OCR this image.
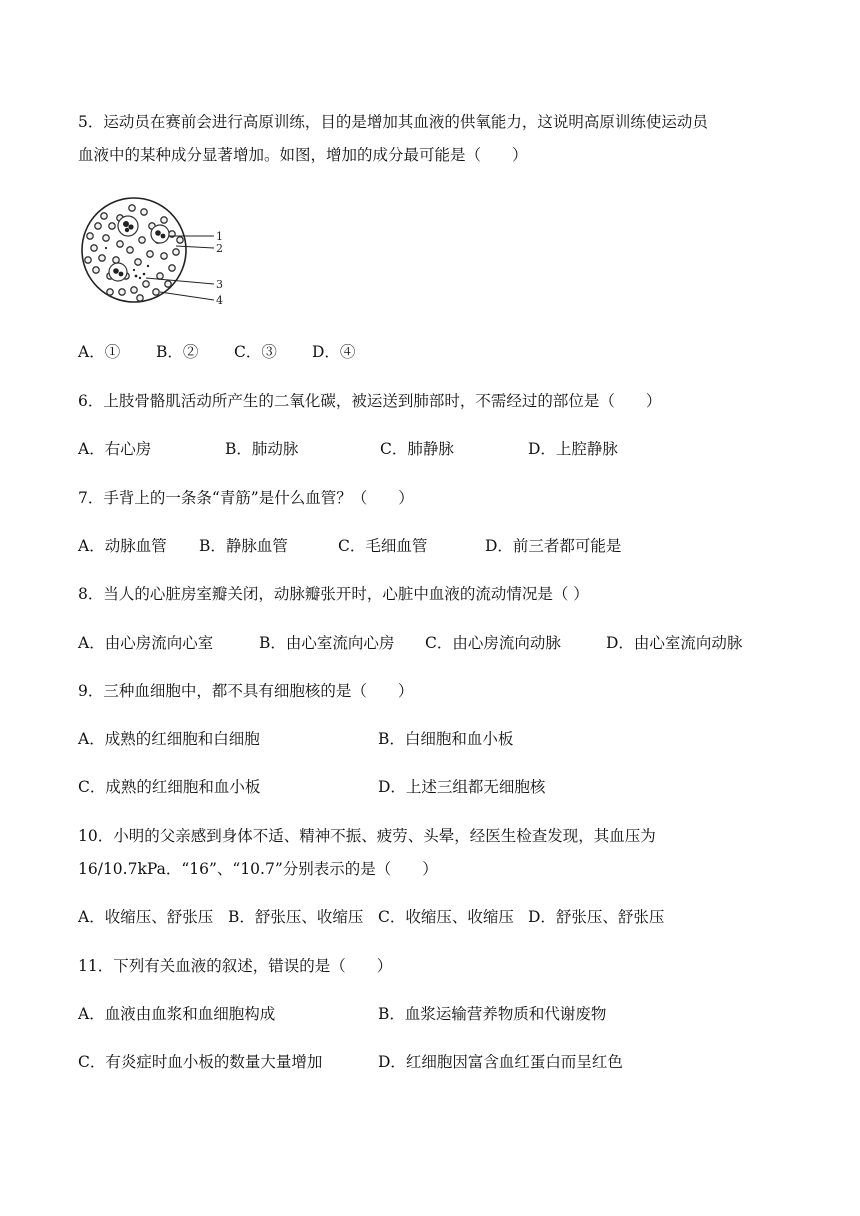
5．运动员在赛前会进行高原训练，目的是增加其血液的供氧能力，这说明高原训练使运动员
血液中的某种成分显著增加。如图，增加的成分最可能是（　　）
1
2
3
4
A．① B．② C．③ D．④
6．上肢骨骼肌活动所产生的二氧化碳，被运送到肺部时，不需经过的部位是（　　）
A．右心房	B．肺动脉	C．肺静脉	D．上腔静脉
7．手背上的一条条“青筋”是什么血管？（　　）
A．动脉血管 B．静脉血管	C．毛细血管	D．前三者都可能是
8．当人的心脏房室瓣关闭，动脉瓣张开时，心脏中血液的流动情况是（ ）
A．由心房流向心室	B．由心室流向心房 C．由心房流向动脉	D．由心室流向动脉
9．三种血细胞中，都不具有细胞核的是（　　）
A．成熟的红细胞和白细胞	B．白细胞和血小板
C．成熟的红细胞和血小板	D．上述三组都无细胞核
10．小明的父亲感到身体不适、精神不振、疲劳、头晕，经医生检查发现，其血压为
16/10.7kPa．“16”、“10.7”分别表示的是（　　）
A．收缩压、舒张压 B．舒张压、收缩压 C．收缩压、收缩压 D．舒张压、舒张压
11．下列有关血液的叙述，错误的是（　　）
A．血液由血浆和血细胞构成	B．血浆运输营养物质和代谢废物
C．有炎症时血小板的数量大量增加	D．红细胞因富含血红蛋白而呈红色
